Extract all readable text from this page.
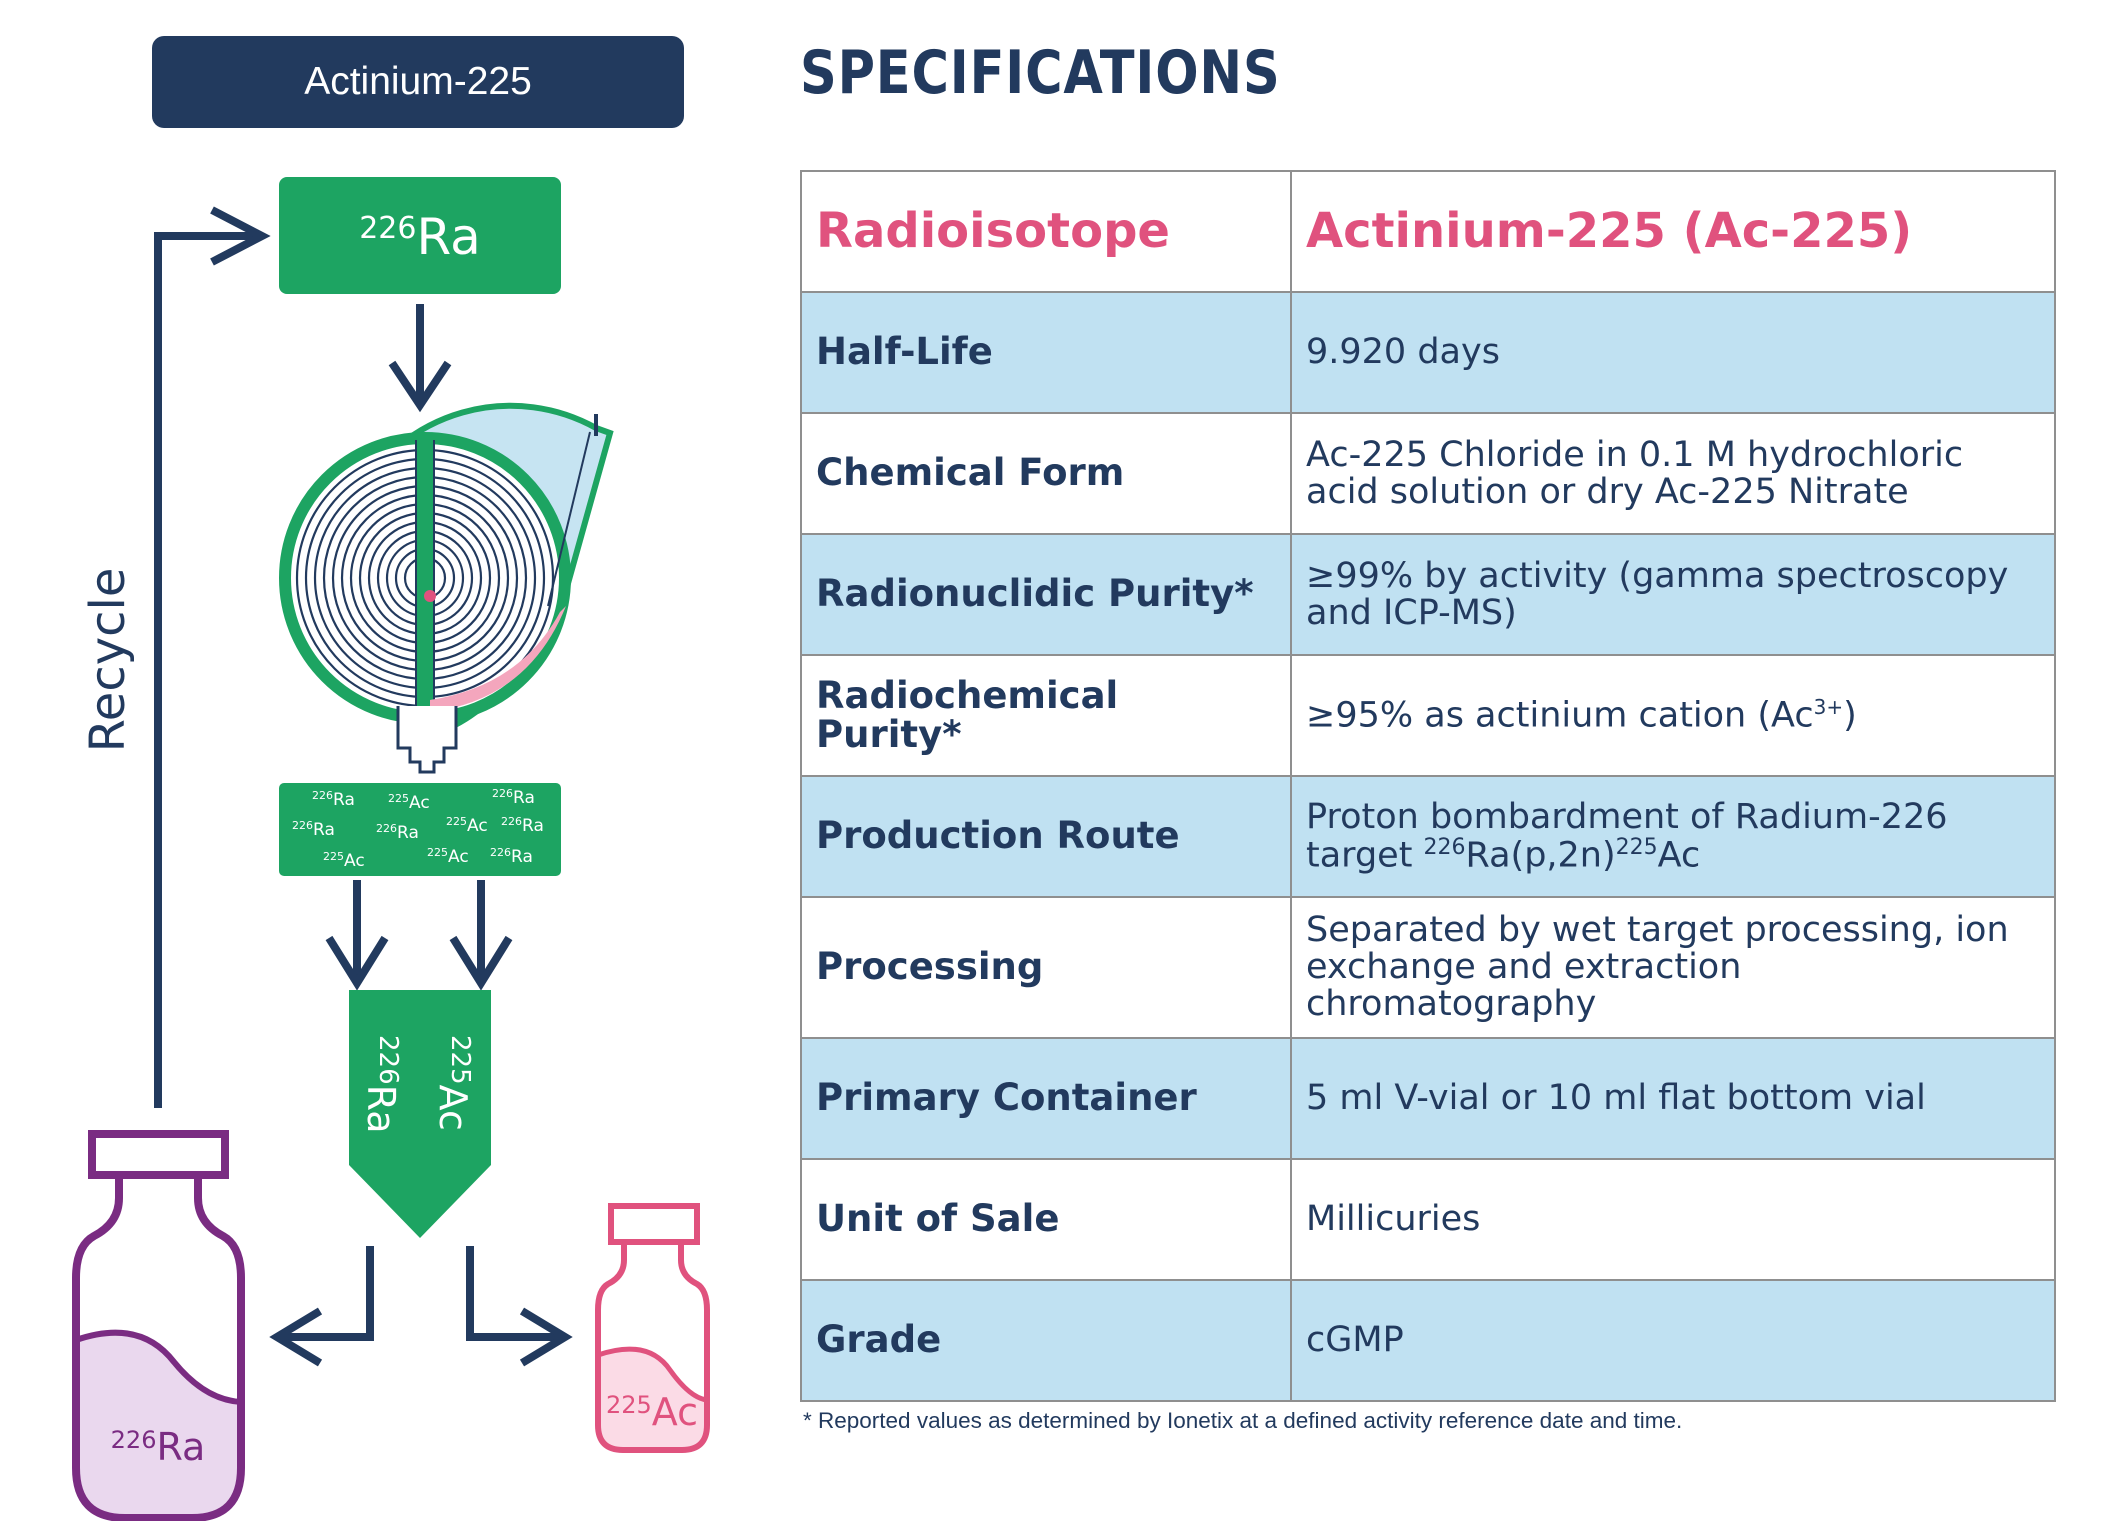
Recycle
$^{226}$Ra
$^{226}$Ra	$^{225}$Ac	$^{226}$Ra
$^{226}$Ra	$^{226}$Ra
$^{225}$Ac $^{226}$Ra
$^{225}$Ac	$^{225}$Ac $^{226}$Ra
$^{226}$Ra
$^{225}$Ac
$^{226}$Ra
$^{225}$Ac
Actinium-225	SPECIFICATIONS
Radioisotope	Actinium-225 (Ac-225)
Half-Life	9.920 days
Chemical Form	Ac-225 Chloride in 0.1 M hydrochloric acid solution or dry Ac-225 Nitrate
Radionuclidic Purity*	≥99% by activity (gamma spectroscopy and ICP-MS)
Radiochemical Purity*	≥95% as actinium cation $(Ac^{3+})$
Production Route	Proton bombardment of Radium-226
target $^{226}Ra(p,2n)^{225}Ac$
Processing	Separated by wet target processing, ion exchange and extraction chromatography
Primary Container	5 ml V-vial or 10 ml flat bottom vial
Unit of Sale	Millicuries
Grade	cGMP
* Reported values as determined by Ionetix at a defined activity reference date and time.
